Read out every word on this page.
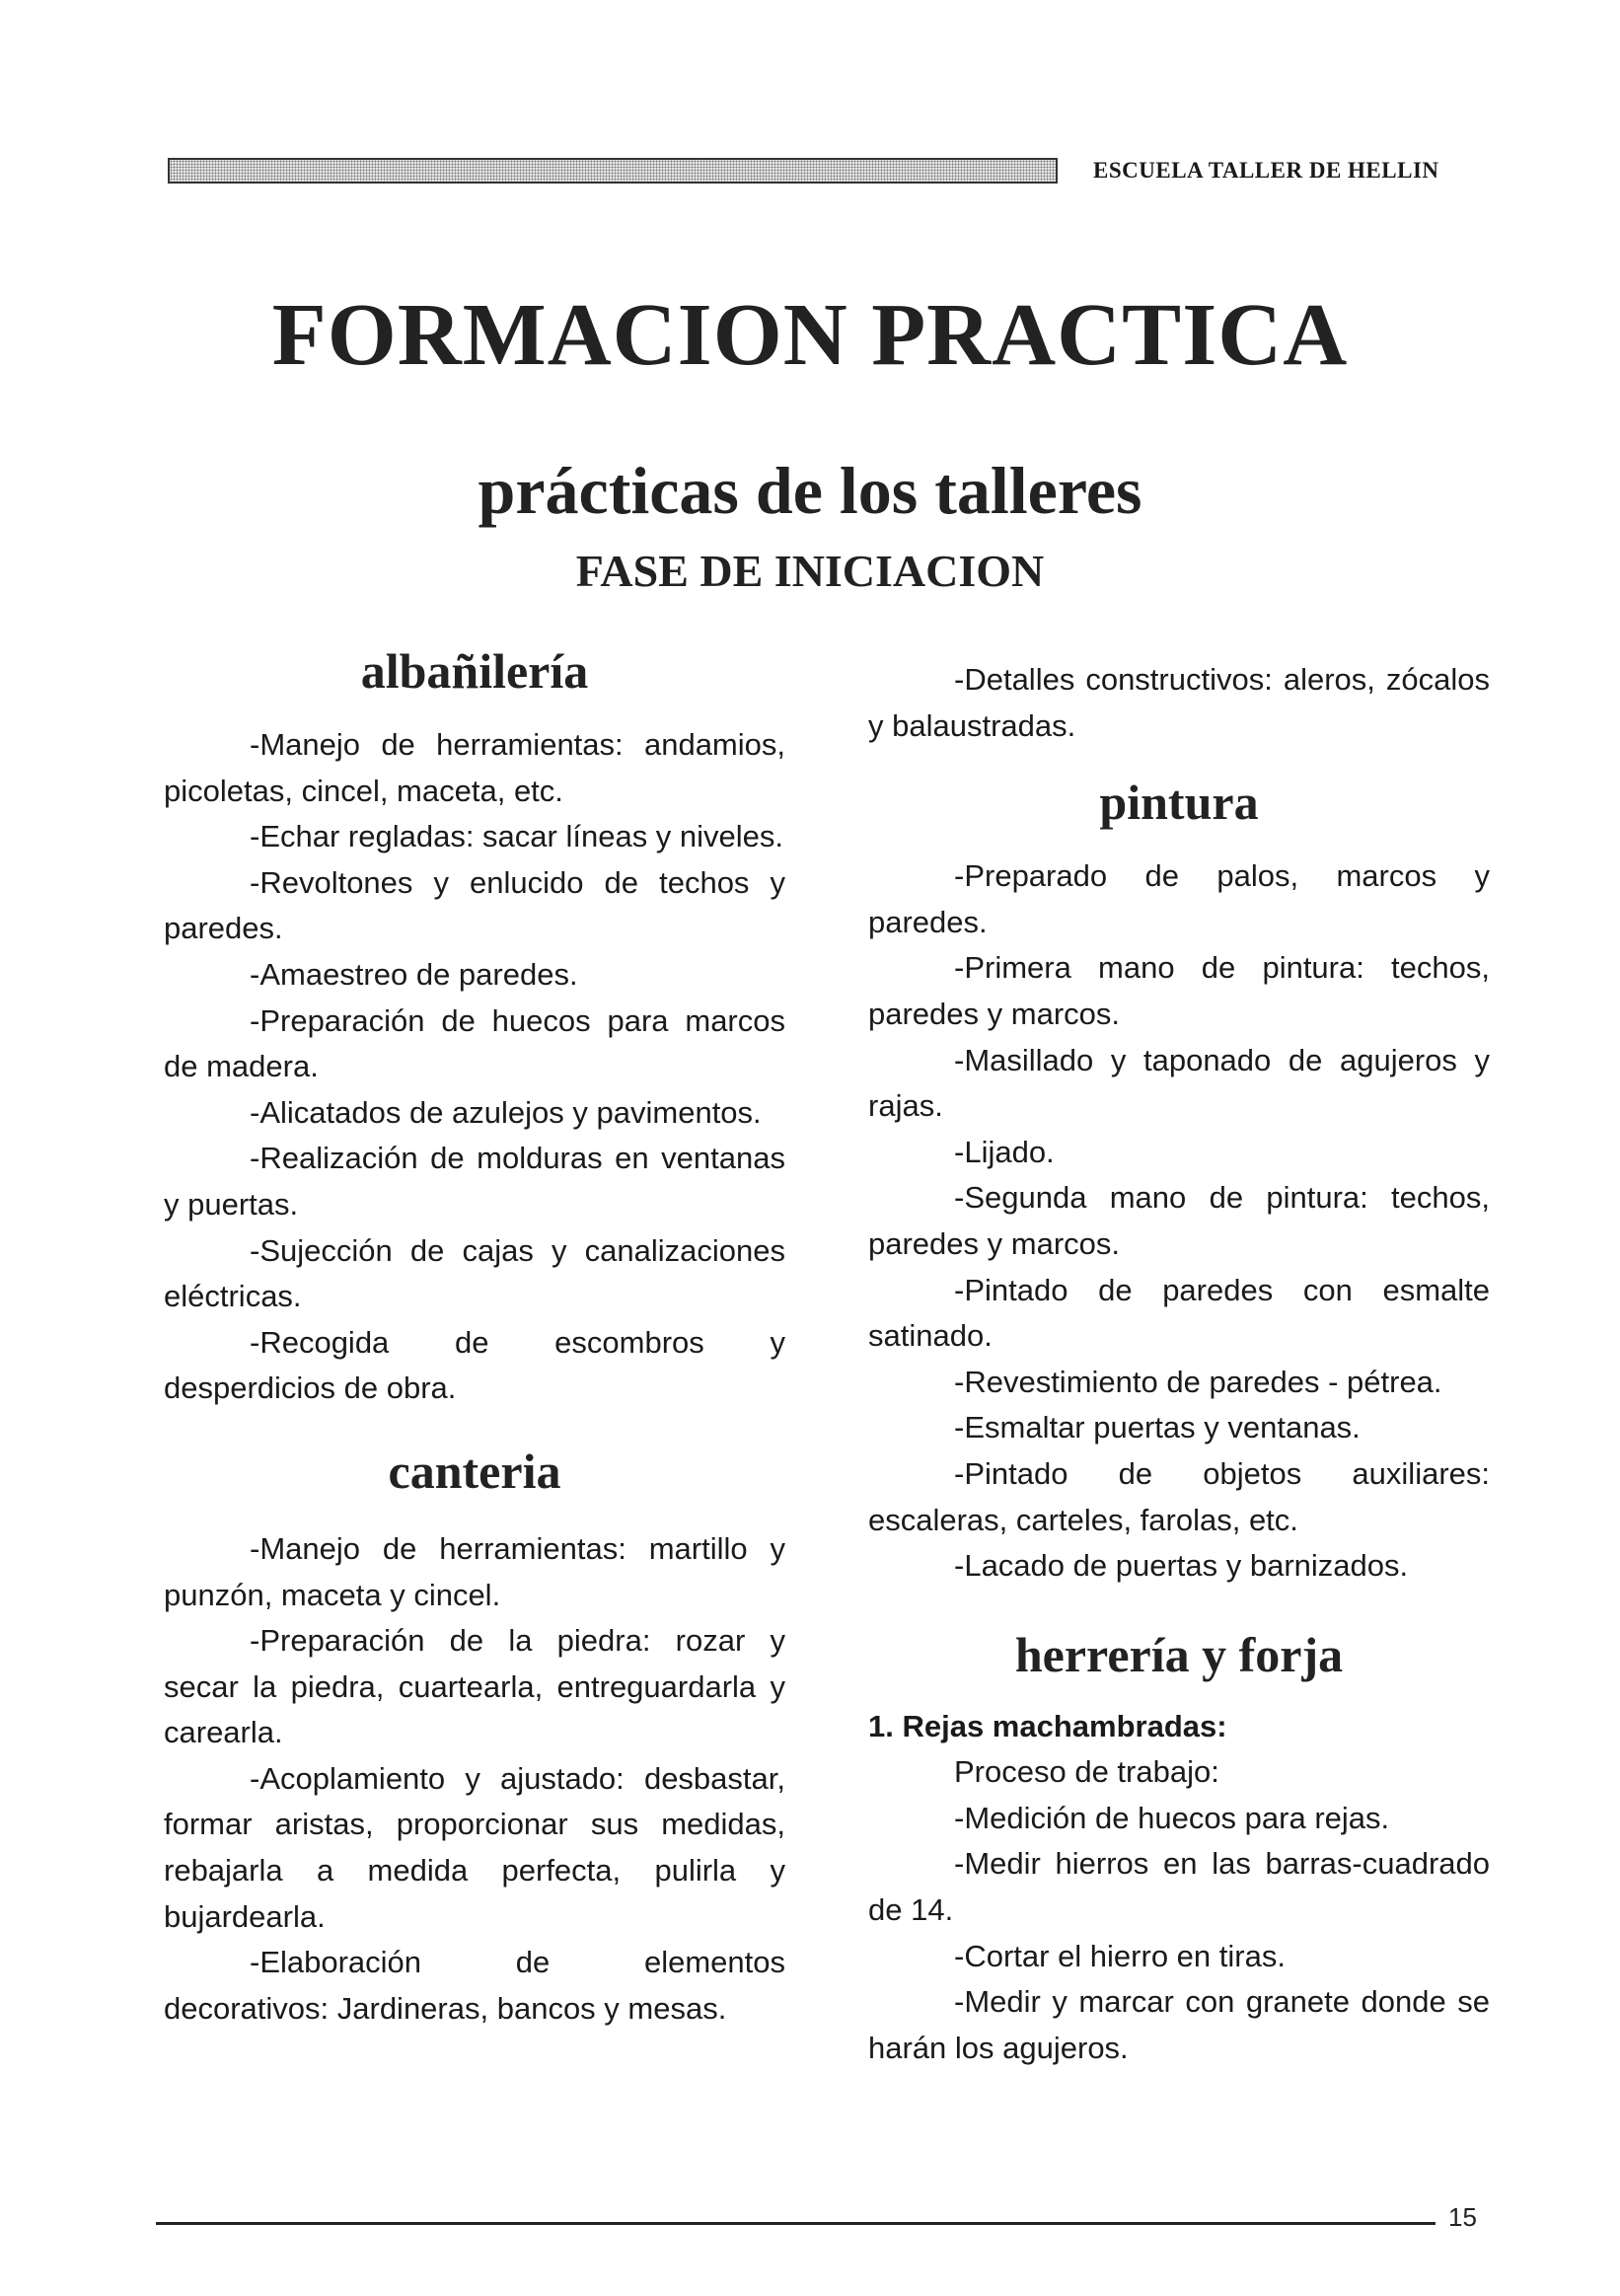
ESCUELA TALLER DE HELLIN
FORMACION PRACTICA
prácticas de los talleres
FASE DE INICIACION
albañilería

-Manejo de herramientas: andamios, picoletas, cincel, maceta, etc.

-Echar regladas: sacar líneas y niveles.

-Revoltones y enlucido de techos y paredes.

-Amaestreo de paredes.

-Preparación de huecos para marcos de madera.

-Alicatados de azulejos y pavimentos.

-Realización de molduras en ventanas y puertas.

-Sujección de cajas y canalizaciones eléctricas.

-Recogida de escombros y desperdicios de obra.

canteria

-Manejo de herramientas: martillo y punzón, maceta y cincel.

-Preparación de la piedra: rozar y secar la piedra, cuartearla, entreguardarla y carearla.

-Acoplamiento y ajustado: desbastar, formar aristas, proporcionar sus medidas, rebajarla a medida perfecta, pulirla y bujardearla.

-Elaboración de elementos decorativos: Jardineras, bancos y mesas.

-Detalles constructivos: aleros, zócalos y balaustradas.

pintura

-Preparado de palos, marcos y paredes.

-Primera mano de pintura: techos, paredes y marcos.

-Masillado y taponado de agujeros y rajas.

-Lijado.

-Segunda mano de pintura: techos, paredes y marcos.

-Pintado de paredes con esmalte satinado.

-Revestimiento de paredes - pétrea.

-Esmaltar puertas y ventanas.

-Pintado de objetos auxiliares: escaleras, carteles, farolas, etc.

-Lacado de puertas y barnizados.

herrería y forja

1. Rejas machambradas:

Proceso de trabajo:

-Medición de huecos para rejas.

-Medir hierros en las barras-cuadrado de 14.

-Cortar el hierro en tiras.

-Medir y marcar con granete donde se harán los agujeros.

15
